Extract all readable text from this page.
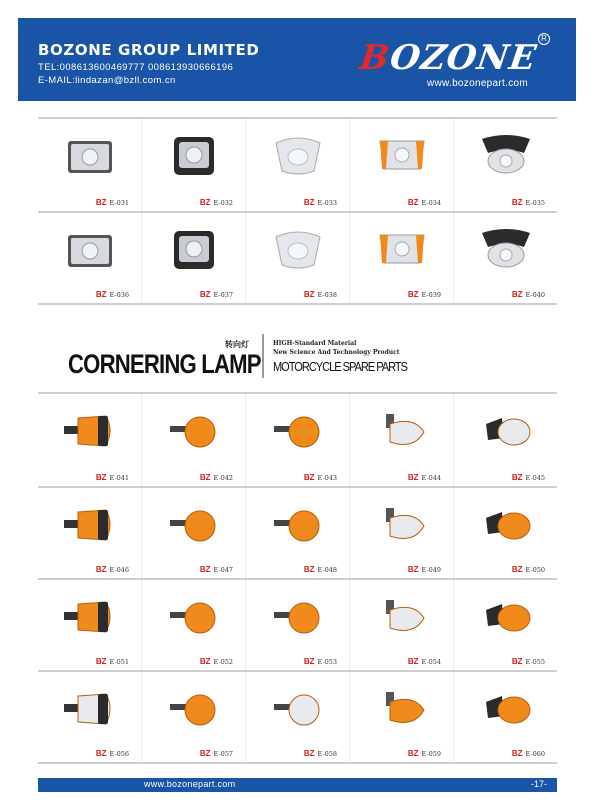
BOZONE GROUP LIMITED
TEL:008613600469777 008613930666196
E-MAIL:lindazan@bzll.com.cn
BOZONE R
www.bozonepart.com
BZ E-031	BZ E-032	BZ E-033	BZ E-034	BZ E-035
BZ E-036	BZ E-037	BZ E-038	BZ E-039	BZ E-040
转向灯
CORNERING LAMP
HIGH-Standard Material
New Science And Technology Product
MOTORCYCLE SPARE PARTS
BZ E-041	BZ E-042	BZ E-043	BZ E-044	BZ E-045
BZ E-046	BZ E-047	BZ E-048	BZ E-049	BZ E-050
BZ E-051	BZ E-052	BZ E-053	BZ E-054	BZ E-055
BZ E-056	BZ E-057	BZ E-058	BZ E-059	BZ E-060
www.bozonepart.com	-17-
